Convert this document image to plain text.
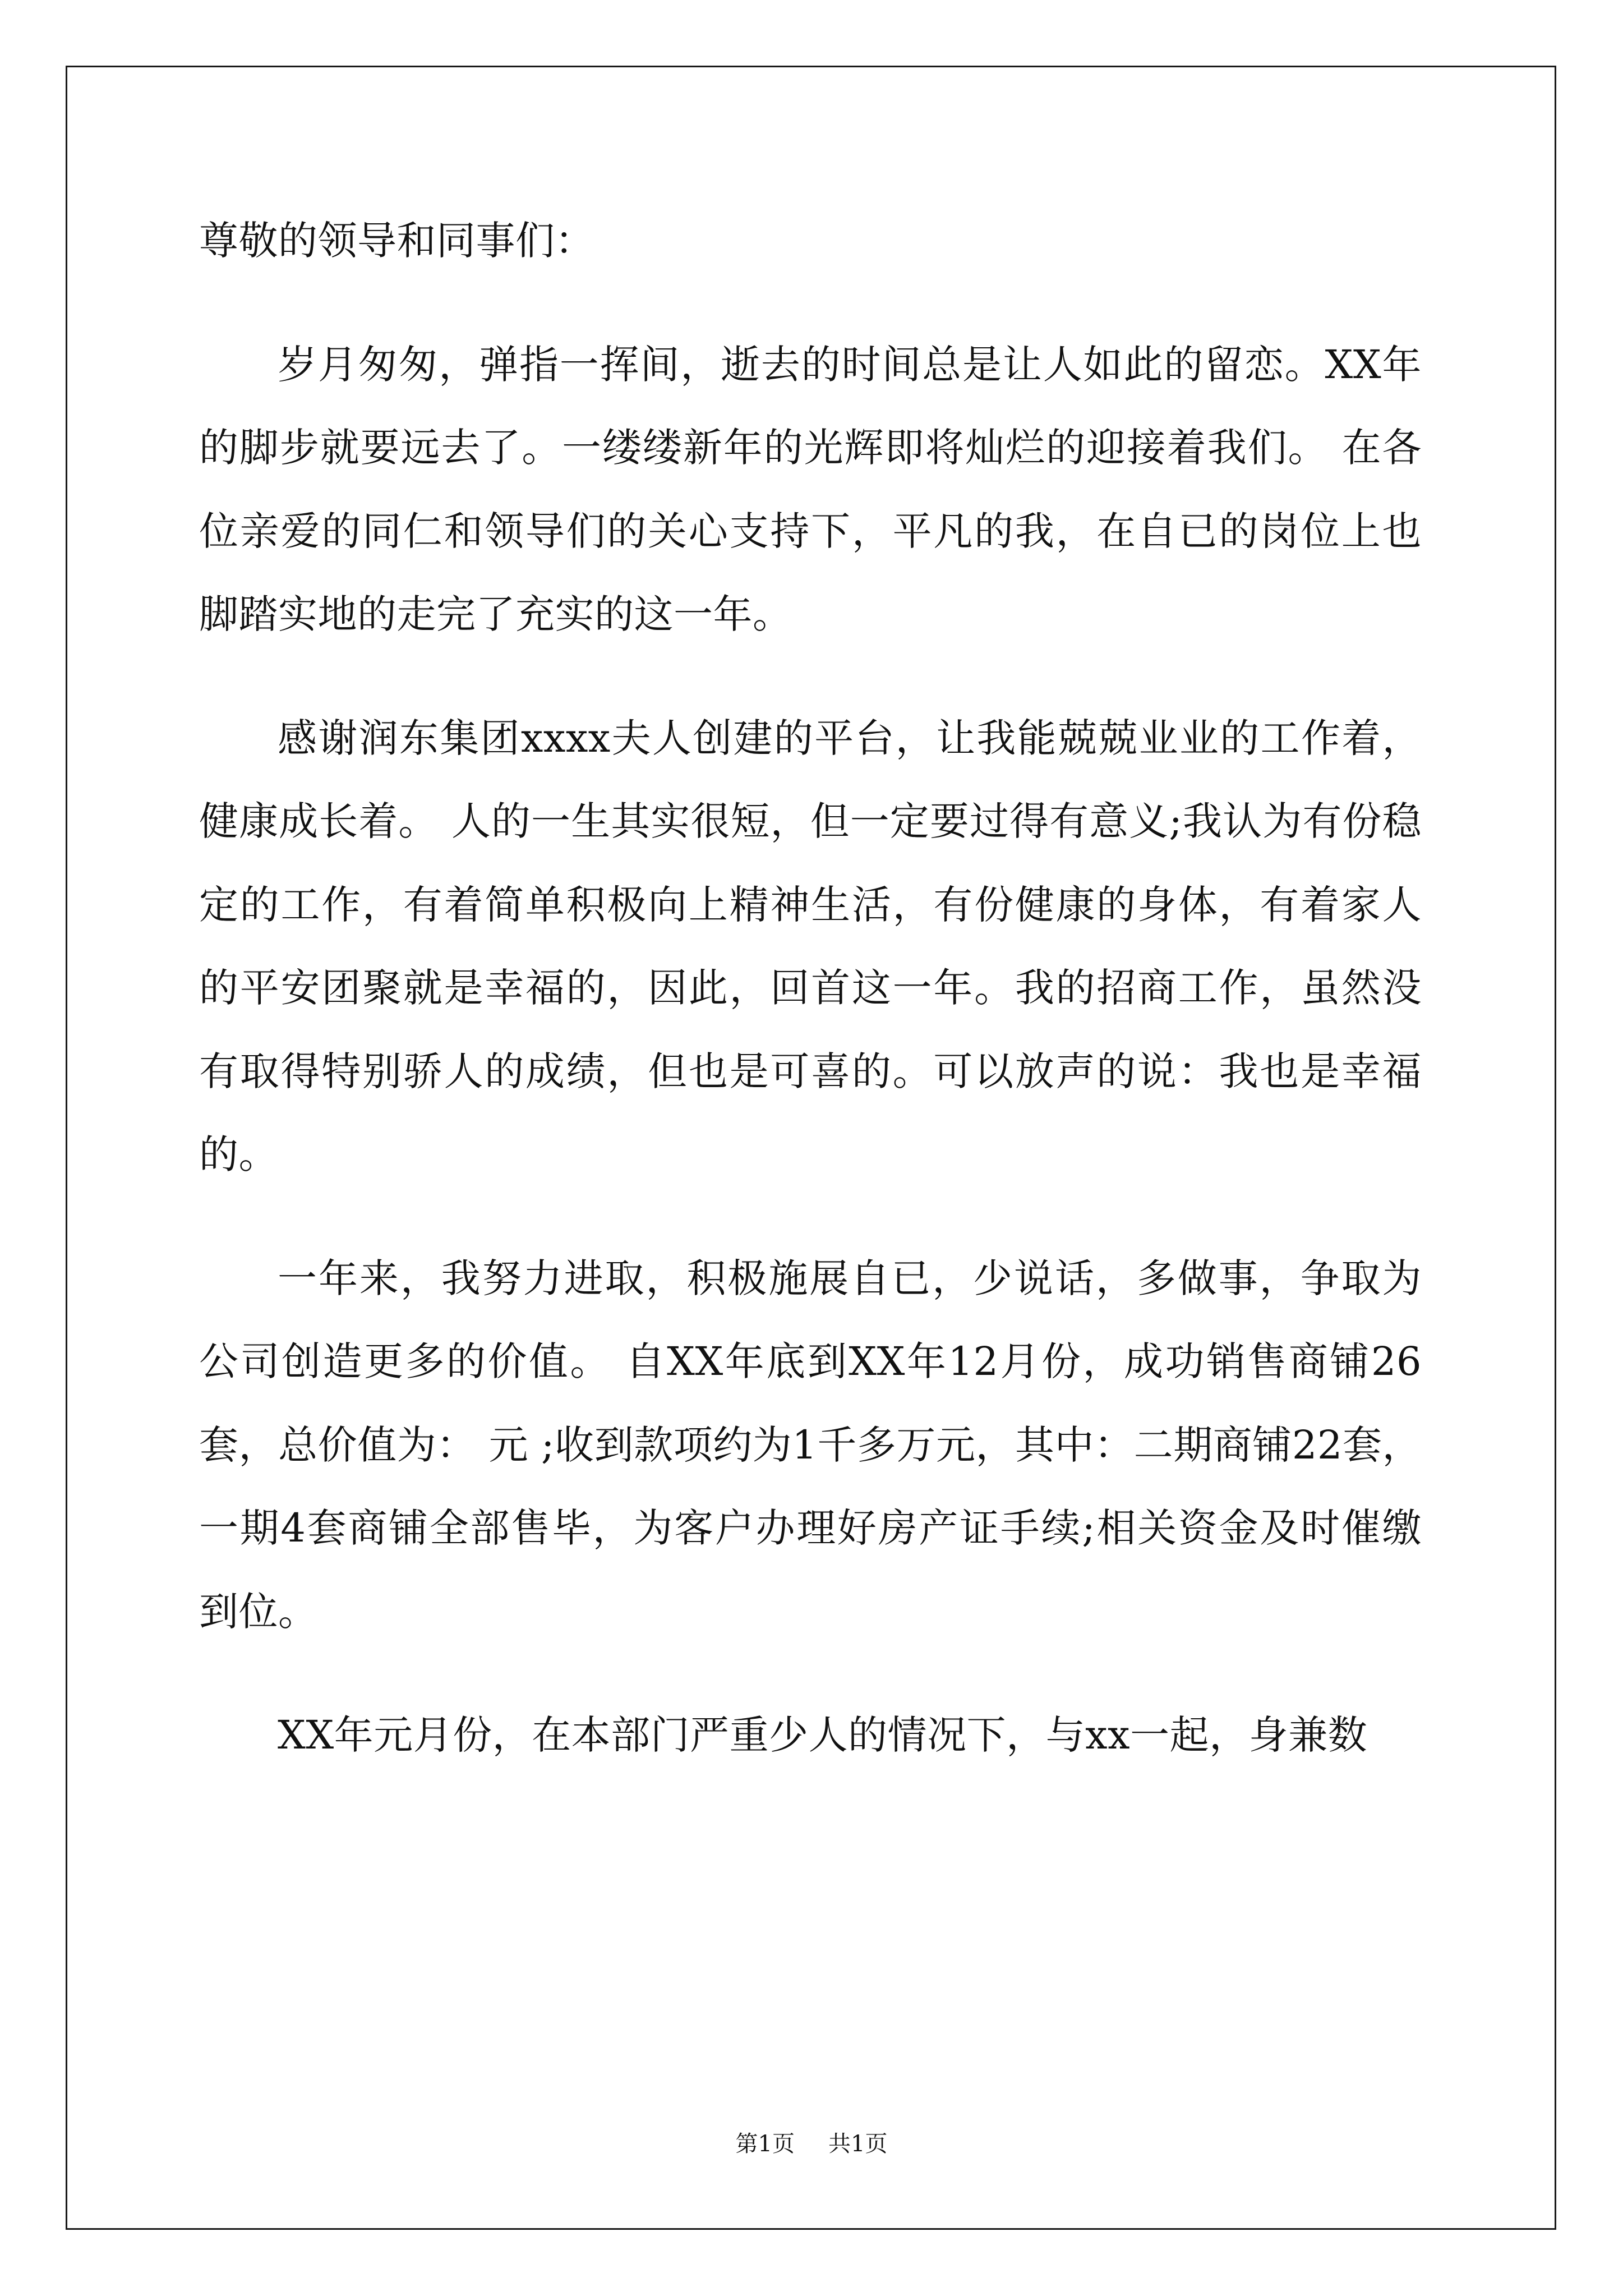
尊敬的领导和同事们：

岁月匆匆，弹指一挥间，逝去的时间总是让人如此的留恋。XX年的脚步就要远去了。一缕缕新年的光辉即将灿烂的迎接着我们。 在各位亲爱的同仁和领导们的关心支持下，平凡的我，在自已的岗位上也脚踏实地的走完了充实的这一年。

感谢润东集团xxxx夫人创建的平台，让我能兢兢业业的工作着，健康成长着。 人的一生其实很短，但一定要过得有意义;我认为有份稳定的工作，有着简单积极向上精神生活，有份健康的身体，有着家人的平安团聚就是幸福的，因此，回首这一年。我的招商工作，虽然没有取得特别骄人的成绩，但也是可喜的。可以放声的说：我也是幸福的。

一年来，我努力进取，积极施展自已，少说话，多做事，争取为公司创造更多的价值。 自XX年底到XX年12月份，成功销售商铺26套，总价值为： 元 ;收到款项约为1千多万元，其中：二期商铺22套，一期4套商铺全部售毕，为客户办理好房产证手续;相关资金及时催缴到位。

XX年元月份，在本部门严重少人的情况下，与xx一起，身兼数

第1页 共1页
